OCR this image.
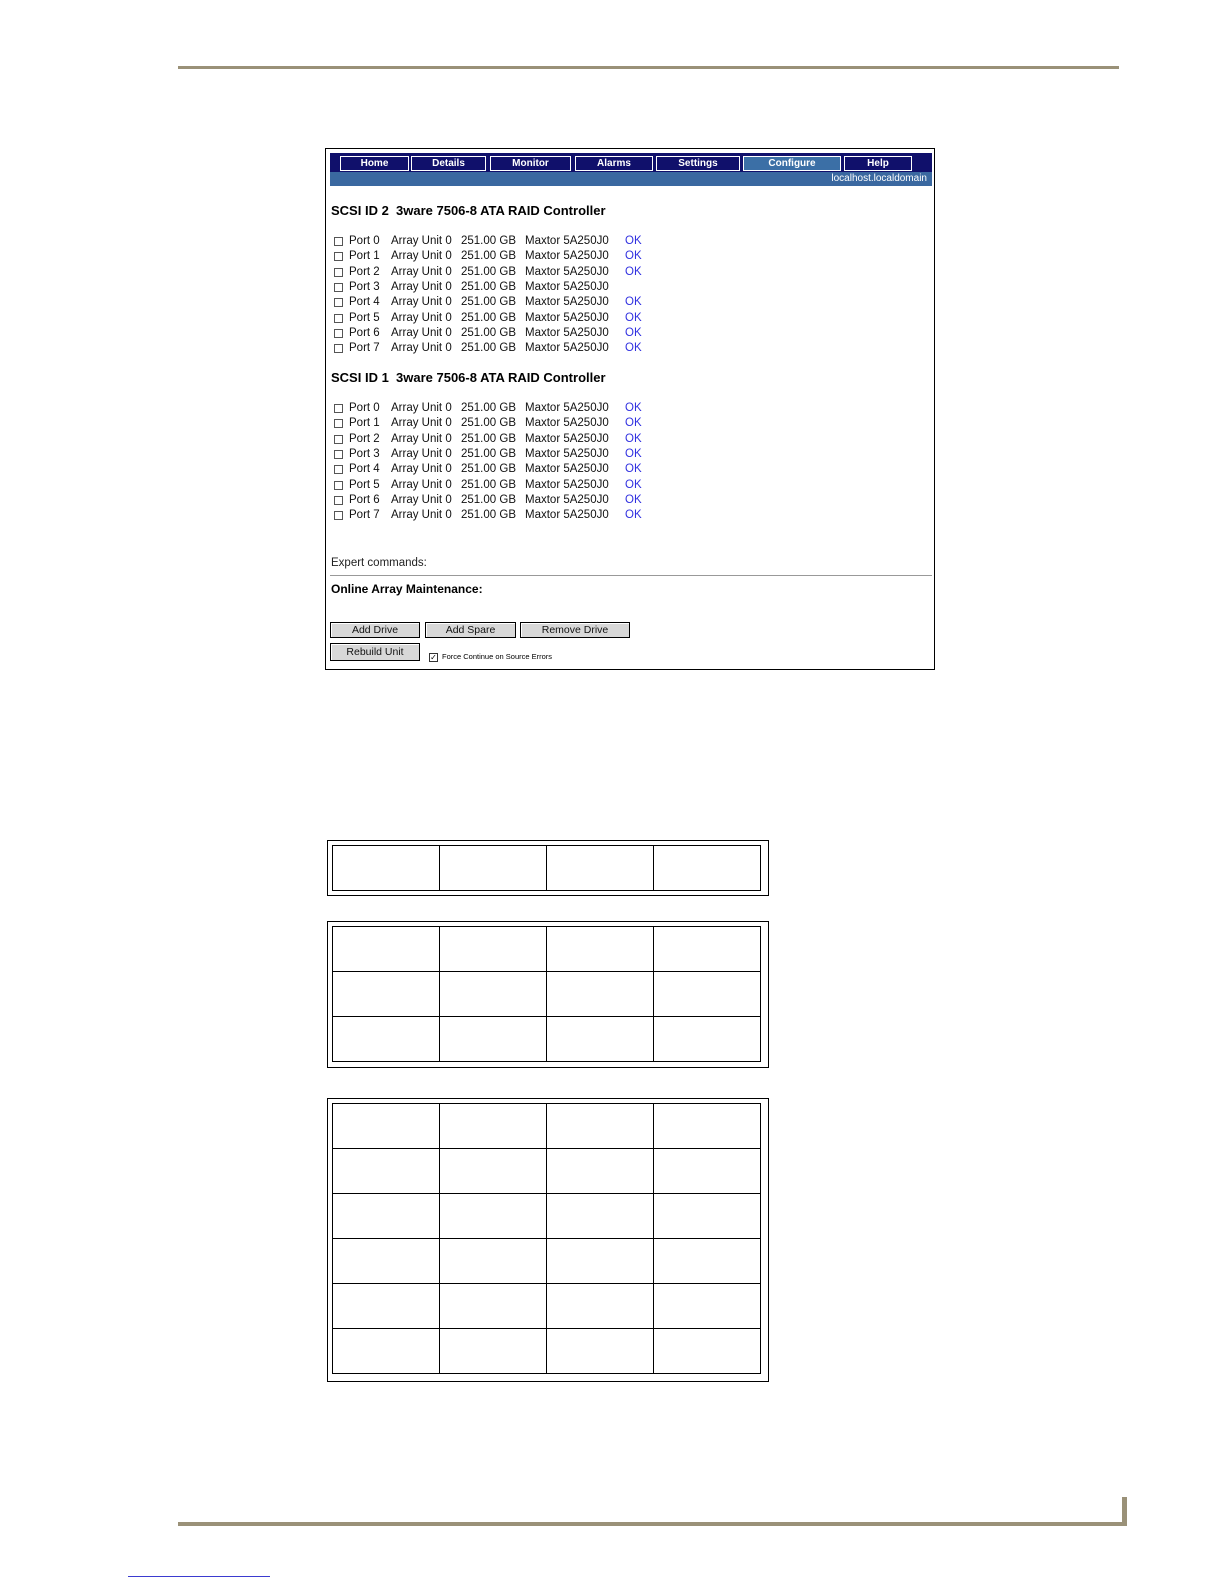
Home	Details	Monitor	Alarms	Settings	Configure	Help
localhost.localdomain
SCSI ID 2  3ware 7506-8 ATA RAID Controller
Port 0 Array Unit 0 251.00 GB Maxtor 5A250J0 OK
Port 1 Array Unit 0 251.00 GB Maxtor 5A250J0 OK
Port 2 Array Unit 0 251.00 GB Maxtor 5A250J0 OK
Port 3 Array Unit 0 251.00 GB Maxtor 5A250J0
Port 4 Array Unit 0 251.00 GB Maxtor 5A250J0 OK
Port 5 Array Unit 0 251.00 GB Maxtor 5A250J0 OK
Port 6 Array Unit 0 251.00 GB Maxtor 5A250J0 OK
Port 7 Array Unit 0 251.00 GB Maxtor 5A250J0 OK
SCSI ID 1  3ware 7506-8 ATA RAID Controller
Port 0 Array Unit 0 251.00 GB Maxtor 5A250J0 OK
Port 1 Array Unit 0 251.00 GB Maxtor 5A250J0 OK
Port 2 Array Unit 0 251.00 GB Maxtor 5A250J0 OK
Port 3 Array Unit 0 251.00 GB Maxtor 5A250J0 OK
Port 4 Array Unit 0 251.00 GB Maxtor 5A250J0 OK
Port 5 Array Unit 0 251.00 GB Maxtor 5A250J0 OK
Port 6 Array Unit 0 251.00 GB Maxtor 5A250J0 OK
Port 7 Array Unit 0 251.00 GB Maxtor 5A250J0 OK
Expert commands:
Online Array Maintenance:
Add Drive	Add Spare	Remove Drive
Rebuild Unit	✓ Force Continue on Source Errors
